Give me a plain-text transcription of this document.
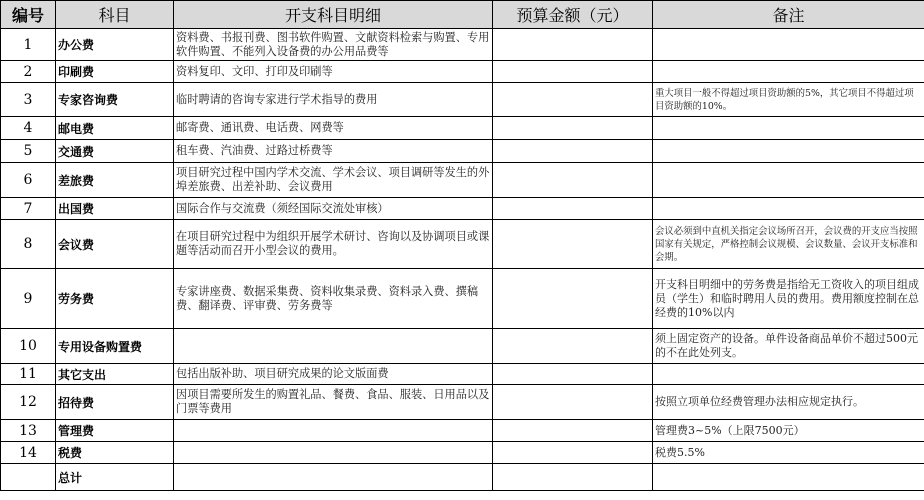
编号	科目	开支科目明细	预算金额（元）	备注
1	办公费	资料费、书报刊费、图书软件购置、文献资料检索与购置、专用软件购置、不能列入设备费的办公用品费等		
2	印刷费	资料复印、文印、打印及印刷等		
3	专家咨询费	临时聘请的咨询专家进行学术指导的费用		重大项目一般不得超过项目资助额的5%，其它项目不得超过项目资助额的10%。
4	邮电费	邮寄费、通讯费、电话费、网费等		
5	交通费	租车费、汽油费、过路过桥费等		
6	差旅费	项目研究过程中国内学术交流、学术会议、项目调研等发生的外埠差旅费、出差补助、会议费用		
7	出国费	国际合作与交流费（须经国际交流处审核）		
8	会议费	在项目研究过程中为组织开展学术研讨、咨询以及协调项目或课题等活动而召开小型会议的费用。		会议必须到中直机关指定会议场所召开，会议费的开支应当按照国家有关规定，严格控制会议规模、会议数量、会议开支标准和会期。
9	劳务费	专家讲座费、数据采集费、资料收集录费、资料录入费、撰稿费、翻译费、评审费、劳务费等		开支科目明细中的劳务费是指给无工资收入的项目组成员（学生）和临时聘用人员的费用。费用额度控制在总经费的10%以内
10	专用设备购置费			须上固定资产的设备。单件设备商品单价不超过500元的不在此处列支。
11	其它支出	包括出版补助、项目研究成果的论文版面费		
12	招待费	因项目需要所发生的购置礼品、餐费、食品、服装、日用品以及门票等费用		按照立项单位经费管理办法相应规定执行。
13	管理费			管理费3~5%（上限7500元）
14	税费			税费5.5%
	总计			
